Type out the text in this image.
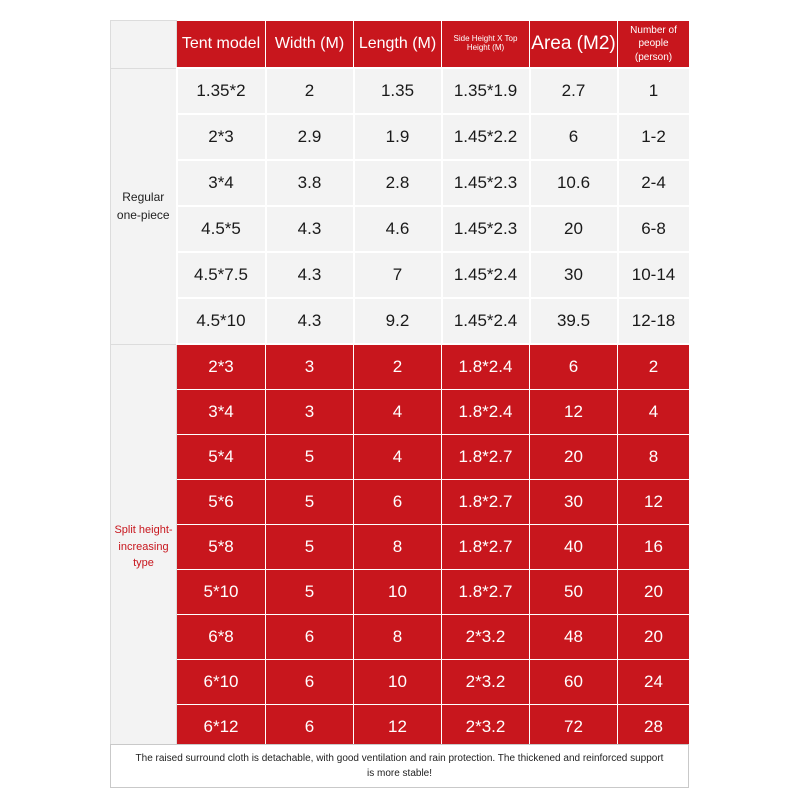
	Tent model	Width (M)	Length (M)	Side Height X Top Height (M)	Area (M2)	Number of
people
(person)
Regular
one-piece	1.35*2	2	1.35	1.35*1.9	2.7	1
	2*3	2.9	1.9	1.45*2.2	6	1-2
	3*4	3.8	2.8	1.45*2.3	10.6	2-4
	4.5*5	4.3	4.6	1.45*2.3	20	6-8
	4.5*7.5	4.3	7	1.45*2.4	30	10-14
	4.5*10	4.3	9.2	1.45*2.4	39.5	12-18
Split height-
increasing type	2*3	3	2	1.8*2.4	6	2
	3*4	3	4	1.8*2.4	12	4
	5*4	5	4	1.8*2.7	20	8
	5*6	5	6	1.8*2.7	30	12
	5*8	5	8	1.8*2.7	40	16
	5*10	5	10	1.8*2.7	50	20
	6*8	6	8	2*3.2	48	20
	6*10	6	10	2*3.2	60	24
	6*12	6	12	2*3.2	72	28
The raised surround cloth is detachable, with good ventilation and rain protection. The thickened and reinforced support is more stable!
